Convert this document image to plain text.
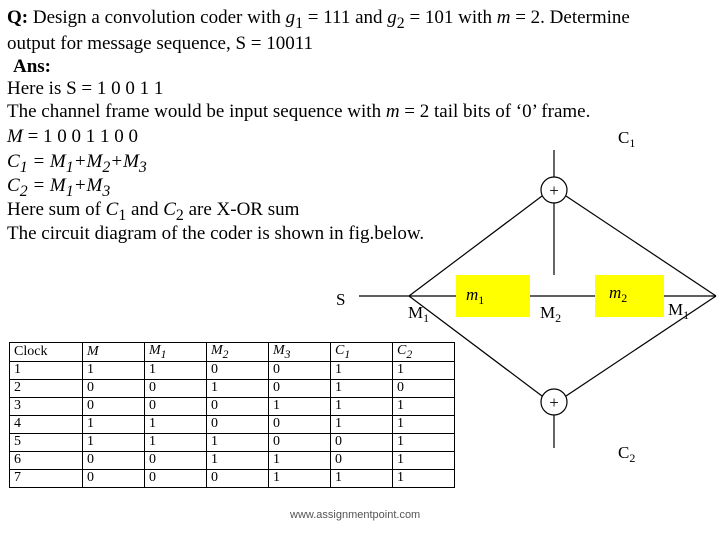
Q: Design a convolution coder with $g_1 = 111$ and $g_2 = 101$ with m = 2. Determine
output for message sequence, S = 10011
Ans:
Here is S = 1 0 0 1 1
The channel frame would be input sequence with m = 2 tail bits of ‘0’ frame.
M = 1 0 0 1 1 0 0
$C_1 = M_1+M_2+M_3$
$C_2 = M_1+M_3$
Here sum of $C_1$ and $C_2$ are X-OR sum
The circuit diagram of the coder is shown in fig.below.
+
+
$C_1$
$C_2$
S
$M_1$
$m_1$
$M_2$
$m_2$
$M_1$
Clock	M	$M_1$	$M_2$	$M_3$	$C_1$	$C_2$
1	1	1	0	0	1	1
2	0	0	1	0	1	0
3	0	0	0	1	1	1
4	1	1	0	0	1	1
5	1	1	1	0	0	1
6	0	0	1	1	0	1
7	0	0	0	1	1	1
www.assignmentpoint.com
